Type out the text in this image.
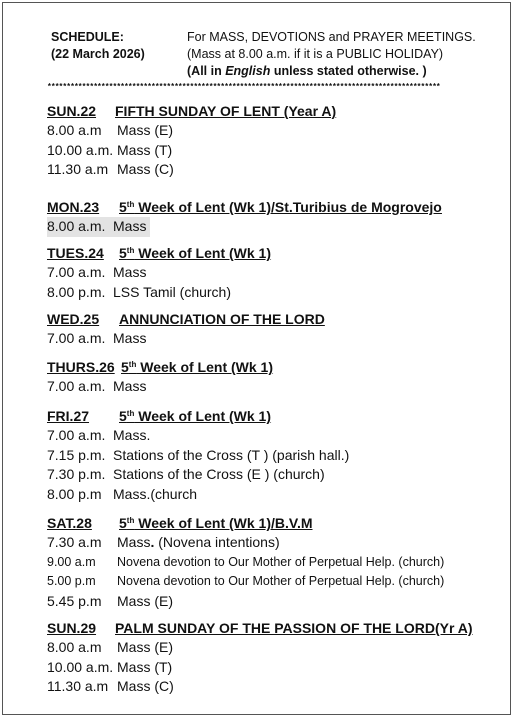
SCHEDULE:
(22 March 2026)
For MASS, DEVOTIONS and PRAYER MEETINGS.
(Mass at 8.00 a.m. if it is a PUBLIC HOLIDAY)
(All in English unless stated otherwise. )
******************************************************************************************************
SUN.22 FIFTH SUNDAY OF LENT (Year A)
8.00 a.m Mass (E)
10.00 a.m. Mass (T)
11.30 a.m Mass (C)
MON.23 5th Week of Lent (Wk 1)/St.Turibius de Mogrovejo
8.00 a.m. Mass
TUES.24 5th Week of Lent (Wk 1)
7.00 a.m. Mass
8.00 p.m. LSS Tamil (church)
WED.25 ANNUNCIATION OF THE LORD
7.00 a.m. Mass
THURS.26 5th Week of Lent (Wk 1)
7.00 a.m. Mass
FRI.27 5th Week of Lent (Wk 1)
7.00 a.m. Mass.
7.15 p.m. Stations of the Cross (T ) (parish hall.)
7.30 p.m. Stations of the Cross (E ) (church)
8.00 p.m Mass.(church
SAT.28 5th Week of Lent (Wk 1)/B.V.M
7.30 a.m Mass. (Novena intentions)
9.00 a.m Novena devotion to Our Mother of Perpetual Help. (church)
5.00 p.m Novena devotion to Our Mother of Perpetual Help. (church)
5.45 p.m Mass (E)
SUN.29 PALM SUNDAY OF THE PASSION OF THE LORD(Yr A)
8.00 a.m Mass (E)
10.00 a.m. Mass (T)
11.30 a.m Mass (C)
